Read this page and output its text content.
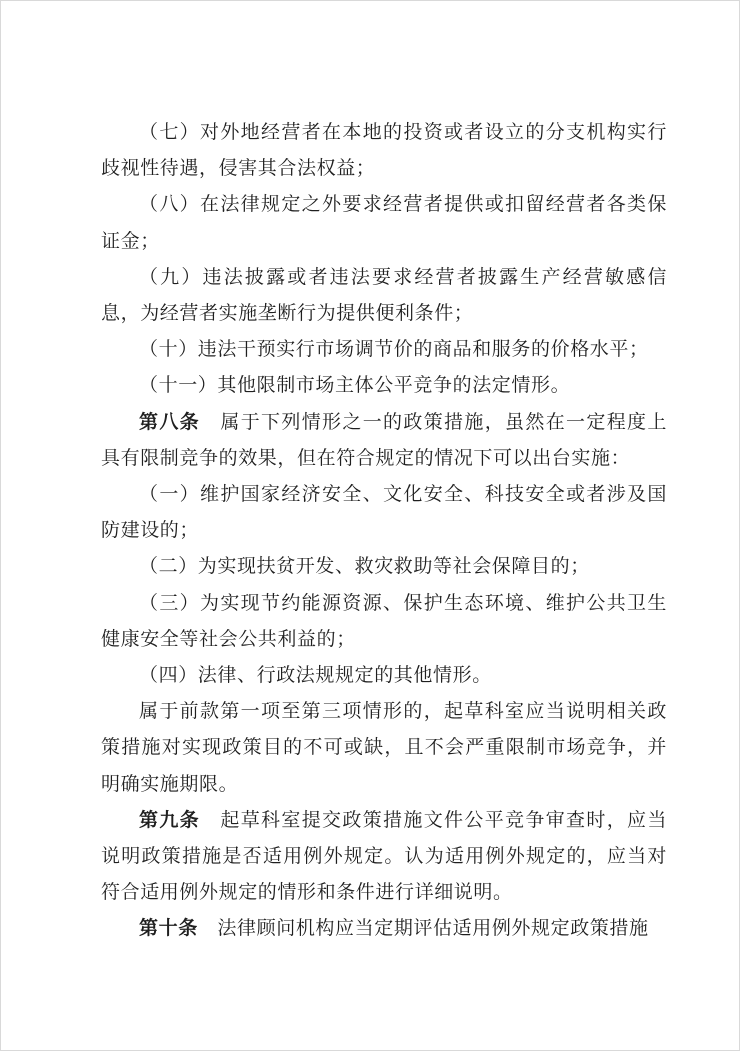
（七）对外地经营者在本地的投资或者设立的分支机构实行歧视性待遇，侵害其合法权益；

（八）在法律规定之外要求经营者提供或扣留经营者各类保证金；

（九）违法披露或者违法要求经营者披露生产经营敏感信息，为经营者实施垄断行为提供便利条件；

（十）违法干预实行市场调节价的商品和服务的价格水平；

（十一）其他限制市场主体公平竞争的法定情形。

第八条　 属于下列情形之一的政策措施，虽然在一定程度上具有限制竞争的效果，但在符合规定的情况下可以出台实施：

（一）维护国家经济安全、文化安全、科技安全或者涉及国防建设的；

（二）为实现扶贫开发、救灾救助等社会保障目的；

（三）为实现节约能源资源、保护生态环境、维护公共卫生健康安全等社会公共利益的；

（四）法律、行政法规规定的其他情形。

属于前款第一项至第三项情形的，起草科室应当说明相关政策措施对实现政策目的不可或缺，且不会严重限制市场竞争，并明确实施期限。

第九条　 起草科室提交政策措施文件公平竞争审查时，应当说明政策措施是否适用例外规定。认为适用例外规定的，应当对符合适用例外规定的情形和条件进行详细说明。

第十条　 法律顾问机构应当定期评估适用例外规定政策措施
